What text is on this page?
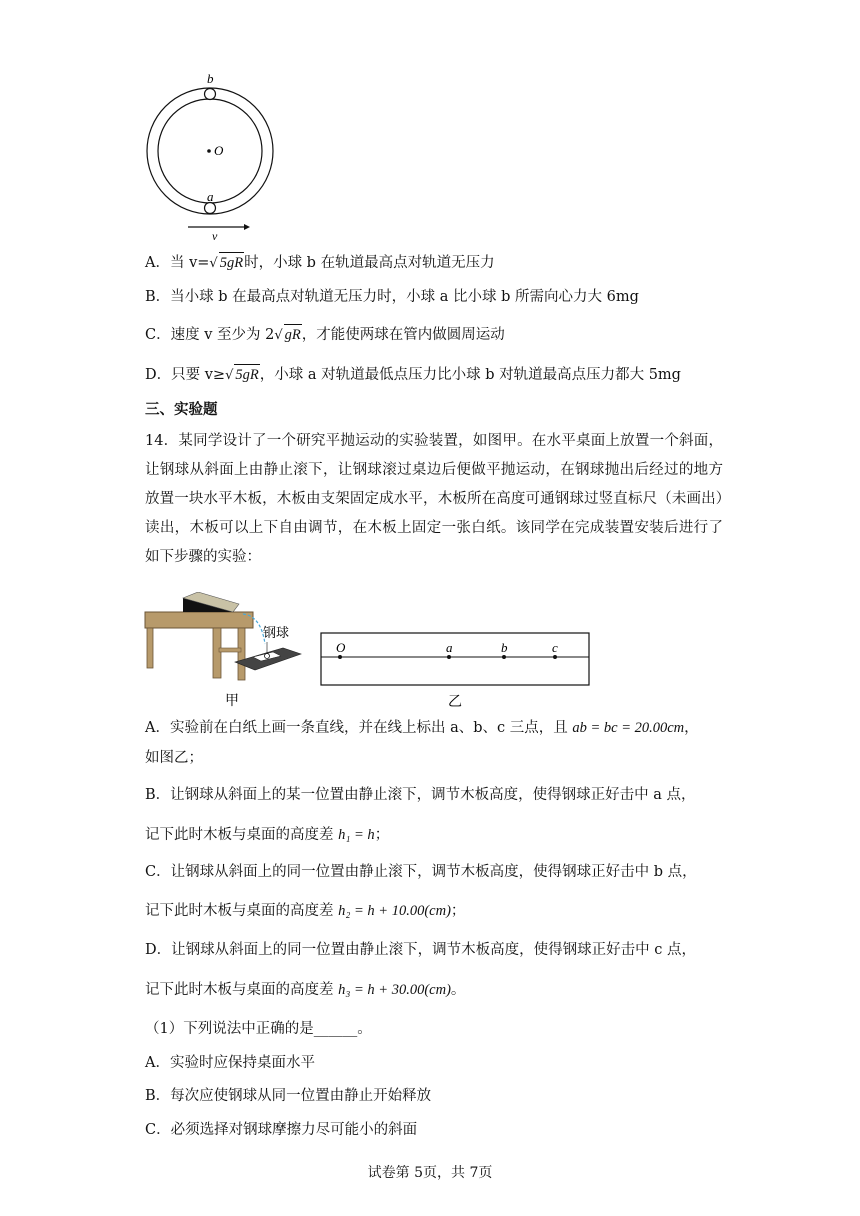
b
O
a
v
A．当 v=√ 5gR时，小球 b 在轨道最高点对轨道无压力
B．当小球 b 在最高点对轨道无压力时，小球 a 比小球 b 所需向心力大 6mg
C．速度 v 至少为 2√ gR，才能使两球在管内做圆周运动
D．只要 v≥√ 5gR，小球 a 对轨道最低点压力比小球 b 对轨道最高点压力都大 5mg
三、实验题
14．某同学设计了一个研究平抛运动的实验装置，如图甲。在水平桌面上放置一个斜面，让钢球从斜面上由静止滚下，让钢球滚过桌边后便做平抛运动，在钢球抛出后经过的地方放置一块水平木板，木板由支架固定成水平，木板所在高度可通钢球过竖直标尺（未画出）读出，木板可以上下自由调节，在木板上固定一张白纸。该同学在完成装置安装后进行了如下步骤的实验：
钢球
甲
O	a	b	c
乙
A．实验前在白纸上画一条直线，并在线上标出 a、b、c 三点，且 ab = bc = 20.00cm，
如图乙；
B．让钢球从斜面上的某一位置由静止滚下，调节木板高度，使得钢球正好击中 a 点，
记下此时木板与桌面的高度差 h₁ = h；
C．让钢球从斜面上的同一位置由静止滚下，调节木板高度，使得钢球正好击中 b 点，
记下此时木板与桌面的高度差 h₂ = h + 10.00(cm)；
D．让钢球从斜面上的同一位置由静止滚下，调节木板高度，使得钢球正好击中 c 点，
记下此时木板与桌面的高度差 h₃ = h + 30.00(cm)。
（1）下列说法中正确的是______。
A．实验时应保持桌面水平
B．每次应使钢球从同一位置由静止开始释放
C．必须选择对钢球摩擦力尽可能小的斜面
试卷第 5页，共 7页
